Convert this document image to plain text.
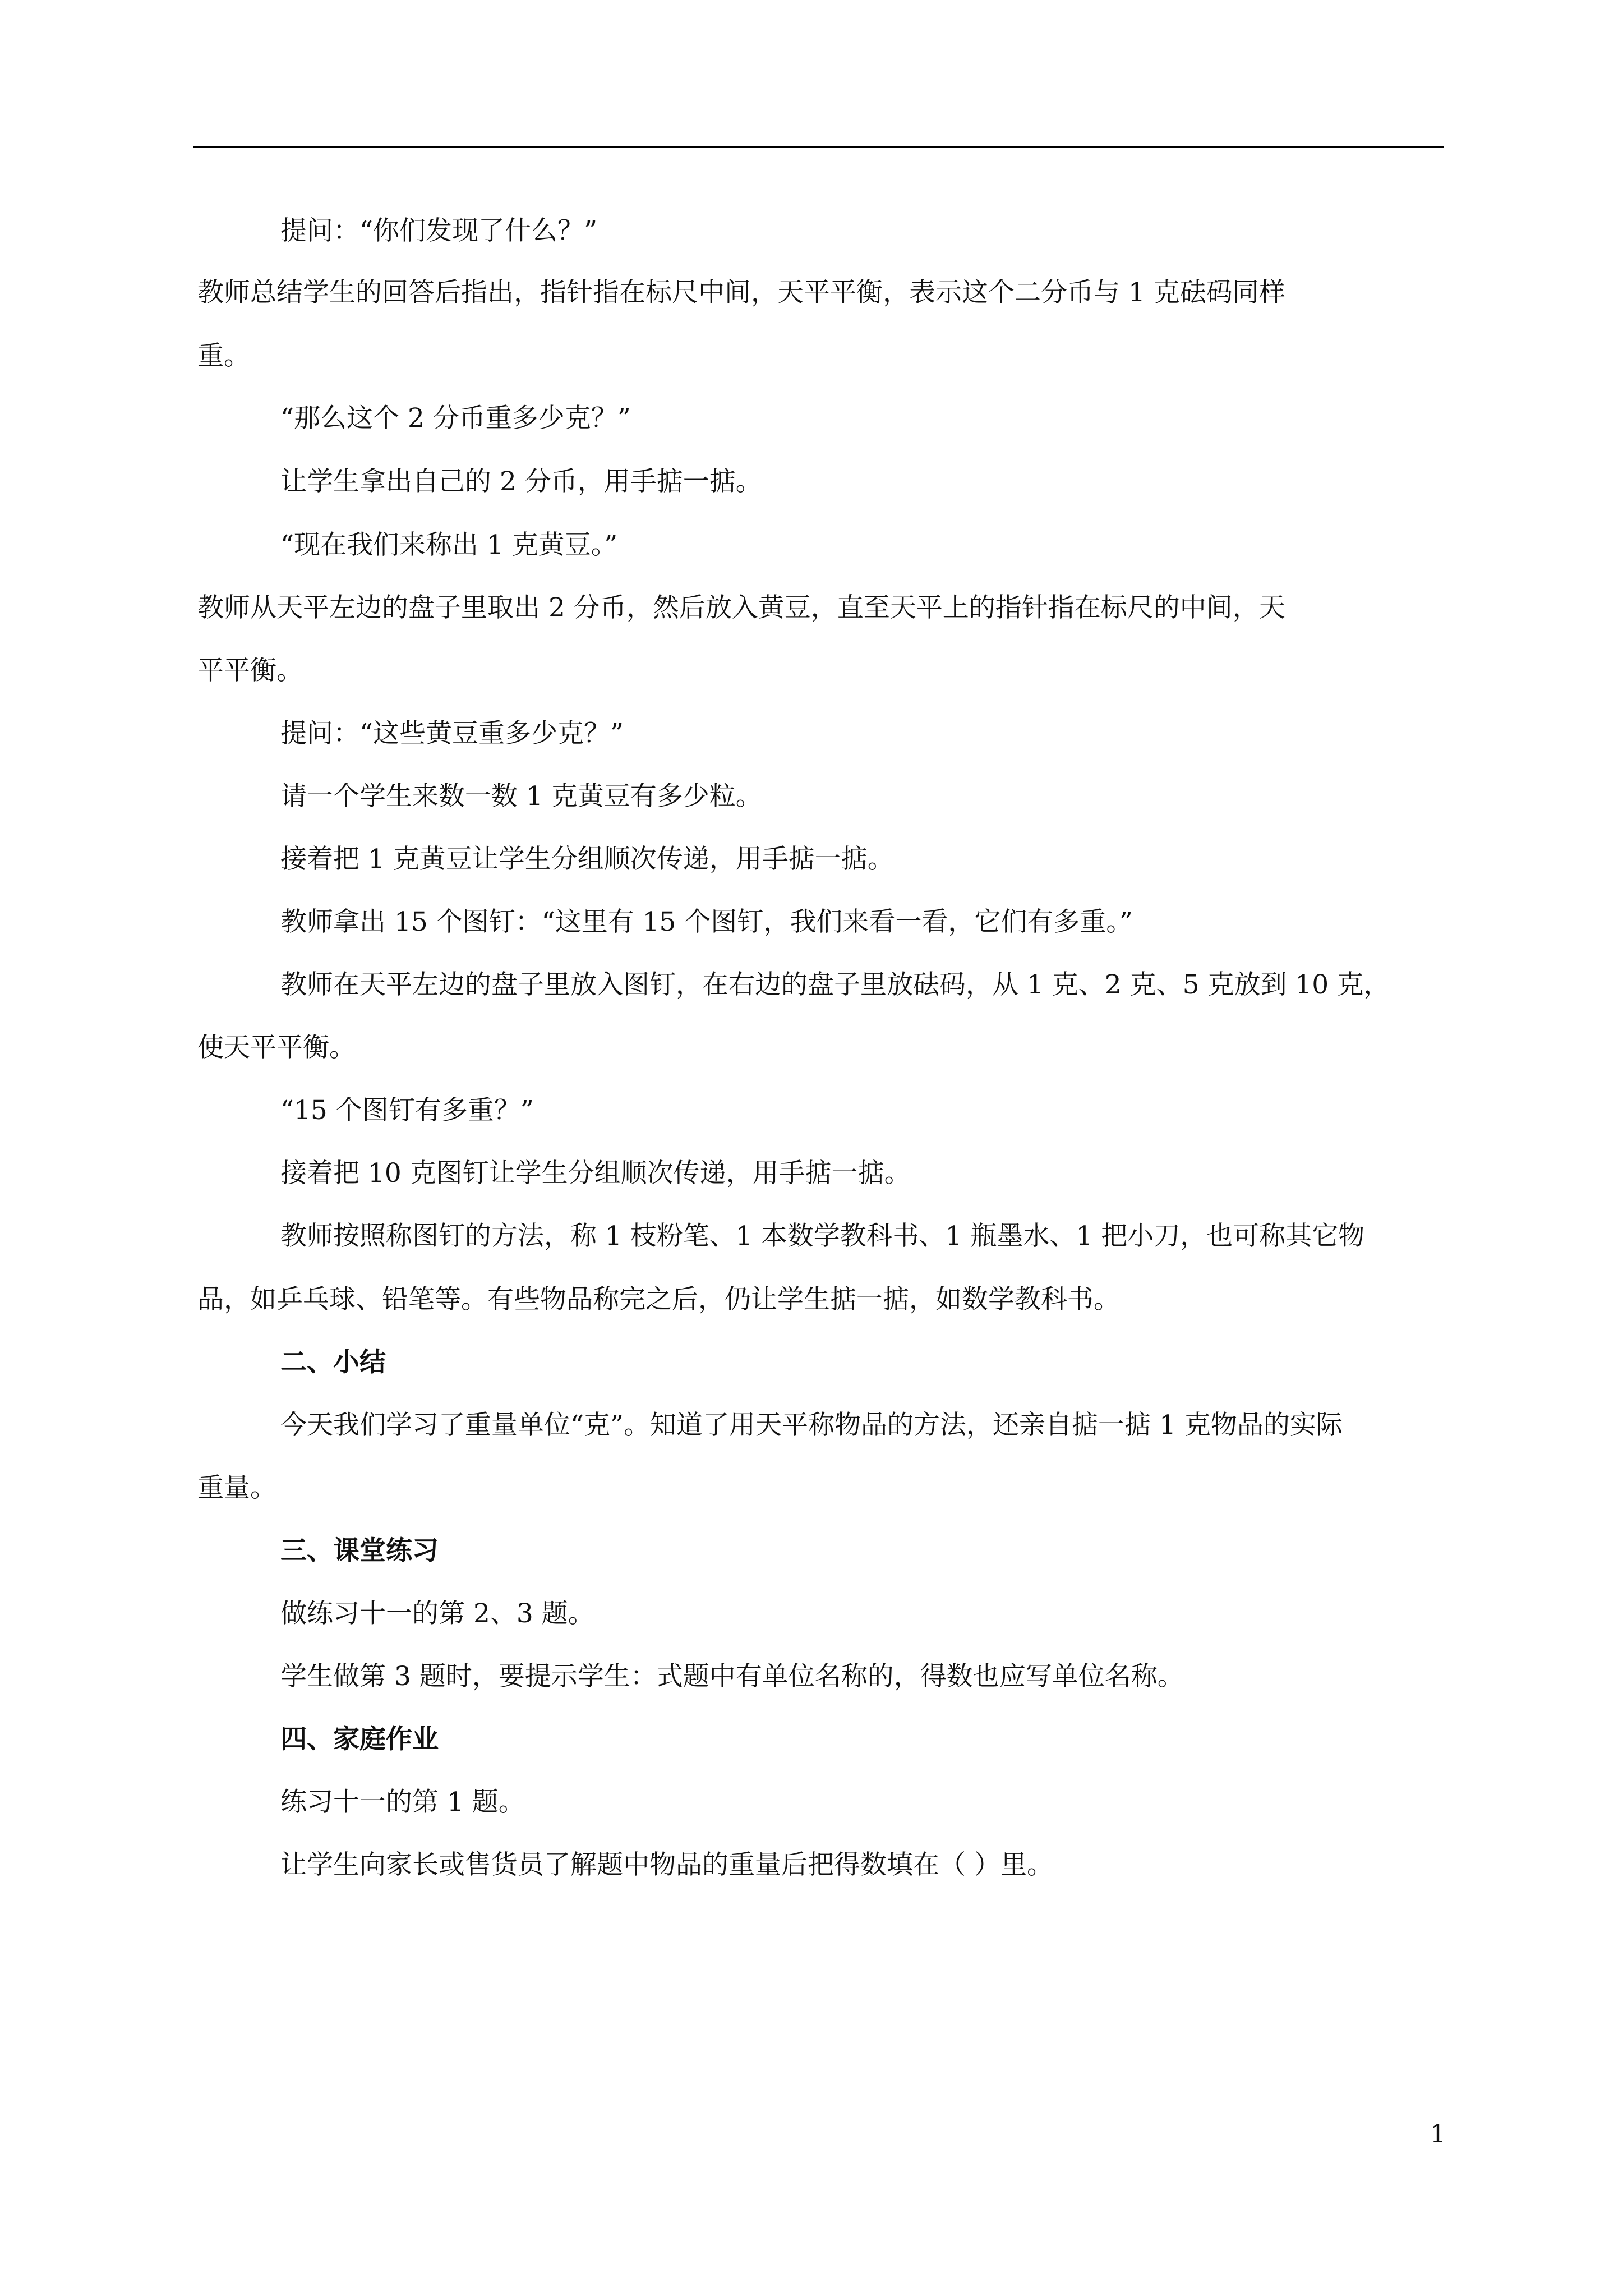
提问：“你们发现了什么？”
教师总结学生的回答后指出，指针指在标尺中间，天平平衡，表示这个二分币与 1 克砝码同样
重。
“那么这个 2 分币重多少克？”
让学生拿出自己的 2 分币，用手掂一掂。
“现在我们来称出 1 克黄豆。”
教师从天平左边的盘子里取出 2 分币，然后放入黄豆，直至天平上的指针指在标尺的中间，天
平平衡。
提问：“这些黄豆重多少克？”
请一个学生来数一数 1 克黄豆有多少粒。
接着把 1 克黄豆让学生分组顺次传递，用手掂一掂。
教师拿出 15 个图钉：“这里有 15 个图钉，我们来看一看，它们有多重。”
教师在天平左边的盘子里放入图钉，在右边的盘子里放砝码，从 1 克、2 克、5 克放到 10 克，
使天平平衡。
“15 个图钉有多重？”
接着把 10 克图钉让学生分组顺次传递，用手掂一掂。
教师按照称图钉的方法，称 1 枝粉笔、1 本数学教科书、1 瓶墨水、1 把小刀，也可称其它物
品，如乒乓球、铅笔等。有些物品称完之后，仍让学生掂一掂，如数学教科书。
二、小结
今天我们学习了重量单位“克”。知道了用天平称物品的方法，还亲自掂一掂 1 克物品的实际
重量。
三、课堂练习
做练习十一的第 2、3 题。
学生做第 3 题时，要提示学生：式题中有单位名称的，得数也应写单位名称。
四、家庭作业
练习十一的第 1 题。
让学生向家长或售货员了解题中物品的重量后把得数填在（ ）里。
1
